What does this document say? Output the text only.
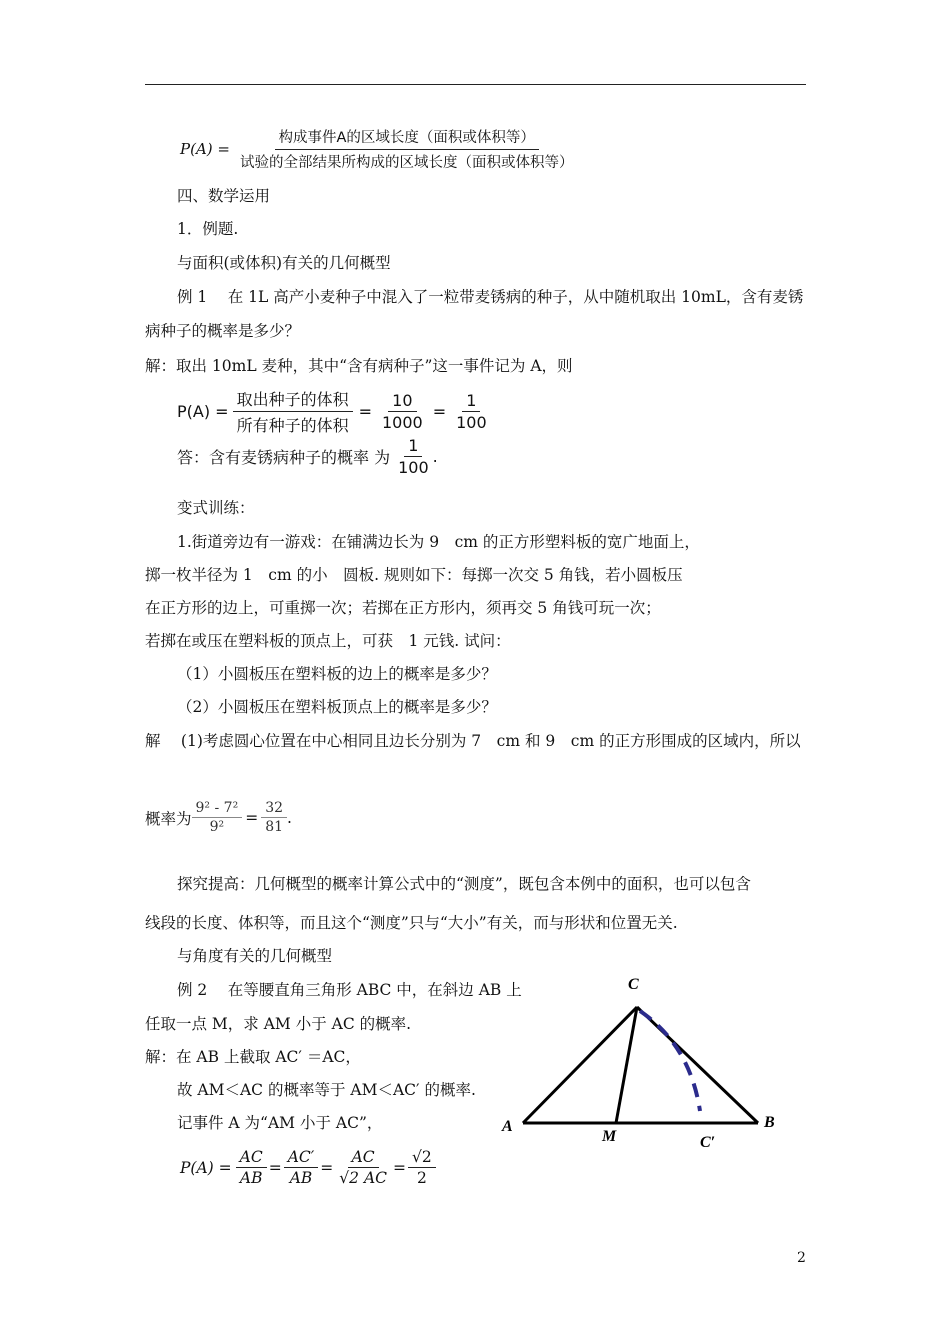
$P(A) = \frac{\text{构成事件A的区域长度（面积或体积等）}}{\text{试验的全部结果所构成的区域长度（面积或体积等）}}$
四、数学运用
1．例题.
与面积(或体积)有关的几何概型
例 1　 在 1L 高产小麦种子中混入了一粒带麦锈病的种子，从中随机取出 10mL，含有麦锈
病种子的概率是多少？
解：取出 10mL 麦种，其中“含有病种子”这一事件记为 A，则
$P(A) = \frac{\text{取出种子的体积}}{\text{所有种子的体积}} = \frac{10}{1000} = \frac{1}{100}$
答：含有麦锈病种子的概率 为 $\frac{1}{100}$ .
变式训练：
1.街道旁边有一游戏：在铺满边长为 9　cm 的正方形塑料板的宽广地面上，
掷一枚半径为 1　cm 的小　圆板. 规则如下：每掷一次交 5 角钱，若小圆板压
在正方形的边上，可重掷一次；若掷在正方形内，须再交 5 角钱可玩一次；
若掷在或压在塑料板的顶点上，可获　1 元钱. 试问：
（1）小圆板压在塑料板的边上的概率是多少？
（2）小圆板压在塑料板顶点上的概率是多少？
解　 (1)考虑圆心位置在中心相同且边长分别为 7　cm 和 9　cm 的正方形围成的区域内，所以
概率为 $\frac{\text{9² - 7²}}{\text{9²}} = \frac{32}{81}$ .
探究提高：几何概型的概率计算公式中的“测度”，既包含本例中的面积，也可以包含
线段的长度、体积等，而且这个“测度”只与“大小”有关，而与形状和位置无关.
与角度有关的几何概型
例 2　 在等腰直角三角形 ABC 中，在斜边 AB 上
任取一点 M，求 AM 小于 AC 的概率.
解：在 AB 上截取 AC′ ＝AC，
故 AM＜AC 的概率等于 AM＜AC′ 的概率.
记事件 A 为“AM 小于 AC”，
$P(A) = \frac{AC}{AB} = \frac{AC'}{AB} = \frac{AC}{√2 AC} = \frac{√2}{2}$
C
A	B
M	C′
2
